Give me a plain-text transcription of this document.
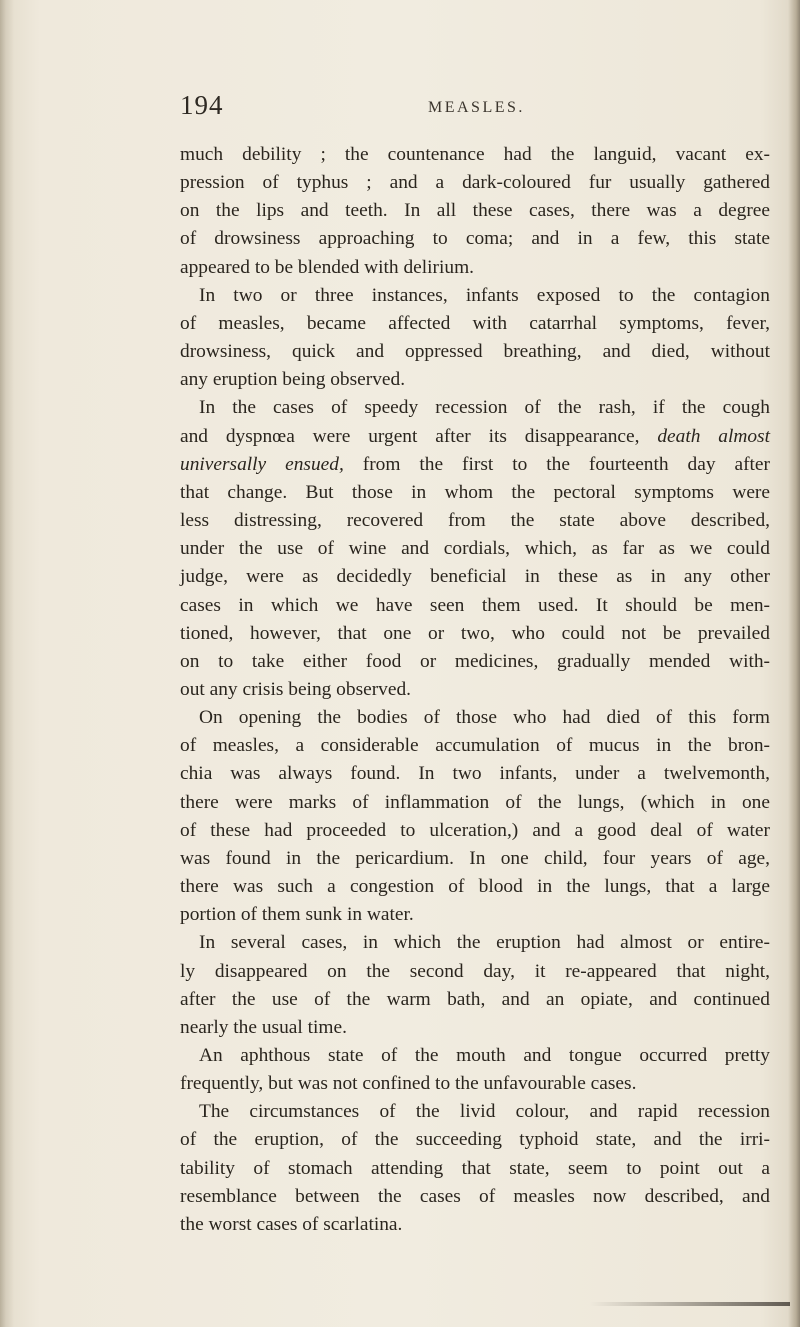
194	MEASLES.
much debility ; the countenance had the languid, vacant ex-
pression of typhus ; and a dark-coloured fur usually gathered
on the lips and teeth. In all these cases, there was a degree
of drowsiness approaching to coma; and in a few, this state
appeared to be blended with delirium.
In two or three instances, infants exposed to the contagion
of measles, became affected with catarrhal symptoms, fever,
drowsiness, quick and oppressed breathing, and died, without
any eruption being observed.
In the cases of speedy recession of the rash, if the cough
and dyspnœa were urgent after its disappearance, death almost
universally ensued, from the first to the fourteenth day after
that change. But those in whom the pectoral symptoms were
less distressing, recovered from the state above described,
under the use of wine and cordials, which, as far as we could
judge, were as decidedly beneficial in these as in any other
cases in which we have seen them used. It should be men-
tioned, however, that one or two, who could not be prevailed
on to take either food or medicines, gradually mended with-
out any crisis being observed.
On opening the bodies of those who had died of this form
of measles, a considerable accumulation of mucus in the bron-
chia was always found. In two infants, under a twelvemonth,
there were marks of inflammation of the lungs, (which in one
of these had proceeded to ulceration,) and a good deal of water
was found in the pericardium. In one child, four years of age,
there was such a congestion of blood in the lungs, that a large
portion of them sunk in water.
In several cases, in which the eruption had almost or entire-
ly disappeared on the second day, it re-appeared that night,
after the use of the warm bath, and an opiate, and continued
nearly the usual time.
An aphthous state of the mouth and tongue occurred pretty
frequently, but was not confined to the unfavourable cases.
The circumstances of the livid colour, and rapid recession
of the eruption, of the succeeding typhoid state, and the irri-
tability of stomach attending that state, seem to point out a
resemblance between the cases of measles now described, and
the worst cases of scarlatina.
